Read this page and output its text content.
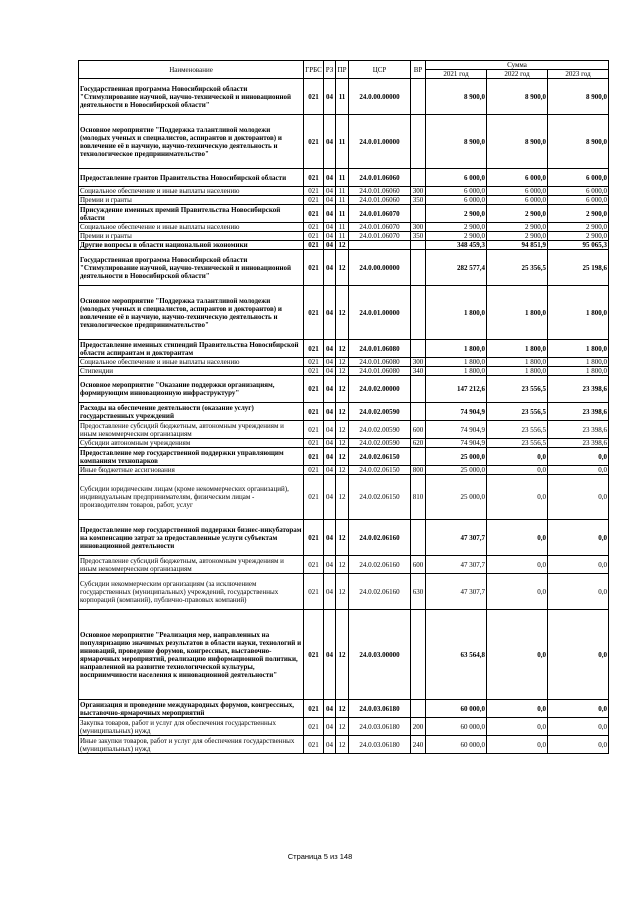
Наименование	ГРБС	РЗ	ПР	ЦСР	ВР	Сумма		
						2021 год	2022 год	2023 год
Государственная программа Новосибирской области "Стимулирование научной, научно-технической и инновационной деятельности в Новосибирской области"	021	04	11	24.0.00.00000		8 900,0	8 900,0	8 900,0
Основное мероприятие "Поддержка талантливой молодежи (молодых ученых и специалистов, аспирантов и докторантов) и вовлечение её в научную, научно-техническую деятельность и технологическое предпринимательство"	021	04	11	24.0.01.00000		8 900,0	8 900,0	8 900,0
Предоставление грантов Правительства Новосибирской области	021	04	11	24.0.01.06060		6 000,0	6 000,0	6 000,0
Социальное обеспечение и иные выплаты населению	021	04	11	24.0.01.06060	300	6 000,0	6 000,0	6 000,0
Премии и гранты	021	04	11	24.0.01.06060	350	6 000,0	6 000,0	6 000,0
Присуждение именных премий Правительства Новосибирской области	021	04	11	24.0.01.06070		2 900,0	2 900,0	2 900,0
Социальное обеспечение и иные выплаты населению	021	04	11	24.0.01.06070	300	2 900,0	2 900,0	2 900,0
Премии и гранты	021	04	11	24.0.01.06070	350	2 900,0	2 900,0	2 900,0
Другие вопросы в области национальной экономики	021	04	12			348 459,3	94 851,9	95 065,3
Государственная программа Новосибирской области "Стимулирование научной, научно-технической и инновационной деятельности в Новосибирской области"	021	04	12	24.0.00.00000		282 577,4	25 356,5	25 198,6
Основное мероприятие "Поддержка талантливой молодежи (молодых ученых и специалистов, аспирантов и докторантов) и вовлечение её в научную, научно-техническую деятельность и технологическое предпринимательство"	021	04	12	24.0.01.00000		1 800,0	1 800,0	1 800,0
Предоставление именных стипендий Правительства Новосибирской области аспирантам и докторантам	021	04	12	24.0.01.06080		1 800,0	1 800,0	1 800,0
Социальное обеспечение и иные выплаты населению	021	04	12	24.0.01.06080	300	1 800,0	1 800,0	1 800,0
Стипендии	021	04	12	24.0.01.06080	340	1 800,0	1 800,0	1 800,0
Основное мероприятие "Оказание поддержки организациям, формирующим инновационную инфраструктуру"	021	04	12	24.0.02.00000		147 212,6	23 556,5	23 398,6
Расходы на обеспечение деятельности (оказание услуг) государственных учреждений	021	04	12	24.0.02.00590		74 904,9	23 556,5	23 398,6
Предоставление субсидий бюджетным, автономным учреждениям и иным некоммерческим организациям	021	04	12	24.0.02.00590	600	74 904,9	23 556,5	23 398,6
Субсидии автономным учреждениям	021	04	12	24.0.02.00590	620	74 904,9	23 556,5	23 398,6
Предоставление мер государственной поддержки управляющим компаниям технопарков	021	04	12	24.0.02.06150		25 000,0	0,0	0,0
Иные бюджетные ассигнования	021	04	12	24.0.02.06150	800	25 000,0	0,0	0,0
Субсидии юридическим лицам (кроме некоммерческих организаций), индивидуальным предпринимателям, физическим лицам - производителям товаров, работ, услуг	021	04	12	24.0.02.06150	810	25 000,0	0,0	0,0
Предоставление мер государственной поддержки бизнес-инкубаторам на компенсацию затрат за предоставленные услуги субъектам инновационной деятельности	021	04	12	24.0.02.06160		47 307,7	0,0	0,0
Предоставление субсидий бюджетным, автономным учреждениям и иным некоммерческим организациям	021	04	12	24.0.02.06160	600	47 307,7	0,0	0,0
Субсидии некоммерческим организациям (за исключением государственных (муниципальных) учреждений, государственных корпораций (компаний), публично-правовых компаний)	021	04	12	24.0.02.06160	630	47 307,7	0,0	0,0
Основное мероприятие "Реализация мер, направленных на популяризацию значимых результатов в области науки, технологий и инноваций, проведение форумов, конгрессных, выставочно-ярмарочных мероприятий, реализацию информационной политики, направленной на развитие технологической культуры, восприимчивости населения к инновационной деятельности"	021	04	12	24.0.03.00000		63 564,8	0,0	0,0
Организация и проведение международных форумов, конгрессных, выставочно-ярмарочных мероприятий	021	04	12	24.0.03.06180		60 000,0	0,0	0,0
Закупка товаров, работ и услуг для обеспечения государственных (муниципальных) нужд	021	04	12	24.0.03.06180	200	60 000,0	0,0	0,0
Иные закупки товаров, работ и услуг для обеспечения государственных (муниципальных) нужд	021	04	12	24.0.03.06180	240	60 000,0	0,0	0,0
Страница 5 из 148
